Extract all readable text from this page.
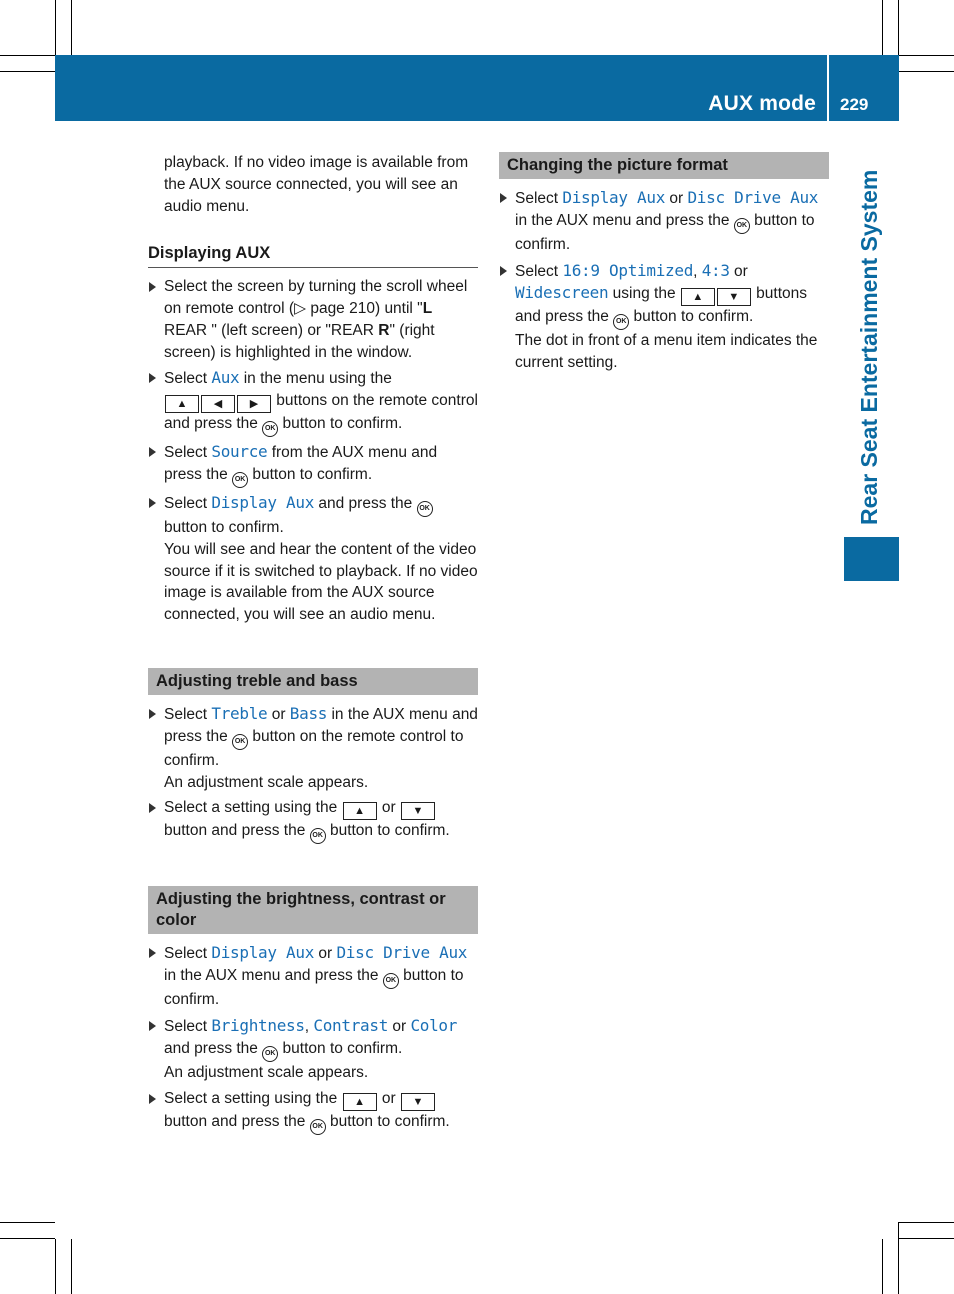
AUX mode 229
Rear Seat Entertainment System

playback. If no video image is available from the AUX source connected, you will see an audio menu.

Displaying AUX

Select the screen by turning the scroll wheel on remote control (▷ page 210) until "L REAR " (left screen) or "REAR R" (right screen) is highlighted in the window.
Select Aux in the menu using the
▲ ◀	▶ buttons on the remote control and press the OK button to confirm.
Select Source from the AUX menu and press the OK button to confirm.
Select Display Aux and press the OK
button to confirm.
You will see and hear the content of the video source if it is switched to playback. If no video image is available from the AUX source connected, you will see an audio menu.

Adjusting treble and bass

Select Treble or Bass in the AUX menu and press the OK button on the remote control to confirm.
An adjustment scale appears.
Select a setting using the ▲ or ▼
button and press the OK button to confirm.

Adjusting the brightness, contrast or color

Select Display Aux or Disc Drive Aux
in the AUX menu and press the OK button to confirm.
Select Brightness, Contrast or Color
and press the OK button to confirm.
An adjustment scale appears.
Select a setting using the ▲ or ▼
button and press the OK button to confirm.

Changing the picture format

Select Display Aux or Disc Drive Aux
in the AUX menu and press the OK button to confirm.
Select 16:9 Optimized, 4:3 or
Widescreen using the ▲ ▼ buttons and press the OK button to confirm.
The dot in front of a menu item indicates the current setting.
